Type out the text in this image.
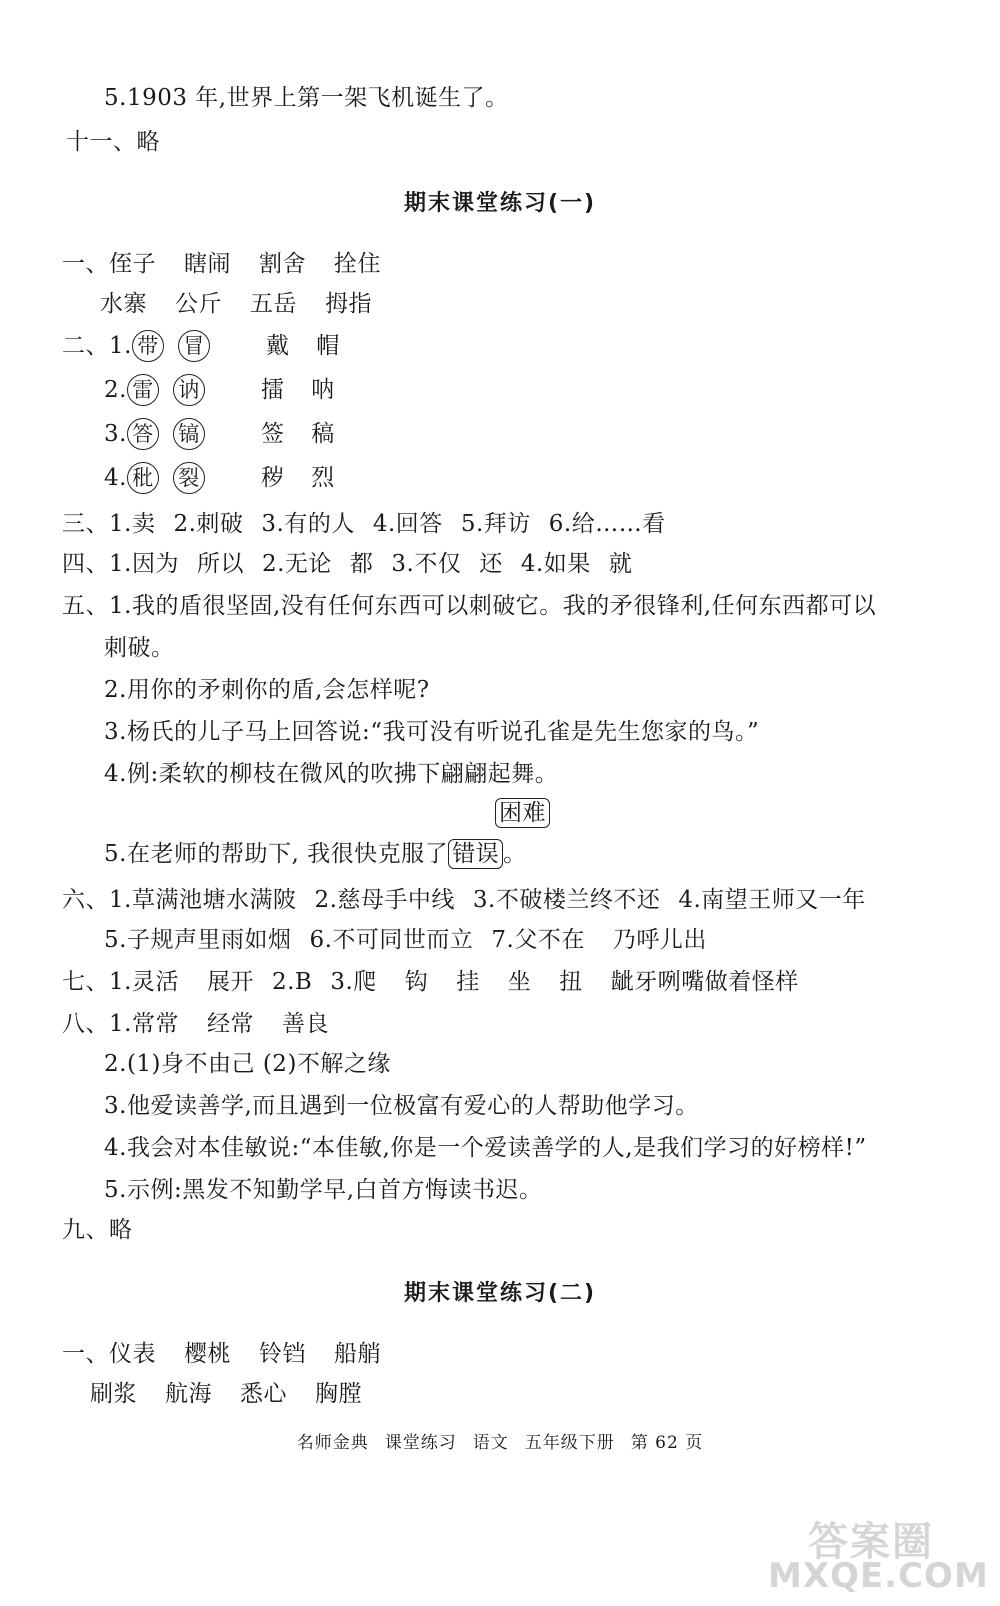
5.1903 年,世界上第一架飞机诞生了。
十一、略
期末课堂练习(一)
一、侄子 瞎闹 割舍 拴住
水寨 公斤 五岳 拇指
二、1. 带 冒	戴 帽
2. 雷 讷	擂 呐
3. 答 镐	签 稿
4. 秕 裂	秽 烈
三、1.卖 2.刺破 3.有的人 4.回答 5.拜访 6.给……看
四、1.因为 所以 2.无论 都 3.不仅 还 4.如果 就
五、1.我的盾很坚固,没有任何东西可以刺破它。我的矛很锋利,任何东西都可以
刺破。
2.用你的矛刺你的盾,会怎样呢?
3.杨氏的儿子马上回答说:“我可没有听说孔雀是先生您家的鸟。”
4.例:柔软的柳枝在微风的吹拂下翩翩起舞。
困难
5.在老师的帮助下, 我很快克服了 错误 。
六、1.草满池塘水满陂 2.慈母手中线 3.不破楼兰终不还 4.南望王师又一年
5.子规声里雨如烟 6.不可同世而立 7.父不在 乃呼儿出
七、1.灵活 展开 2.B 3.爬 钩 挂 坐 扭 龇牙咧嘴做着怪样
八、1.常常 经常 善良
2.(1)身不由己 (2)不解之缘
3.他爱读善学,而且遇到一位极富有爱心的人帮助他学习。
4.我会对本佳敏说:“本佳敏,你是一个爱读善学的人,是我们学习的好榜样!”
5.示例:黑发不知勤学早,白首方悔读书迟。
九、略
期末课堂练习(二)
一、仪表 樱桃 铃铛 船艄
刷浆 航海 悉心 胸膛
名师金典 课堂练习 语文 五年级下册 第 62 页
答案圈
MXQE.COM
